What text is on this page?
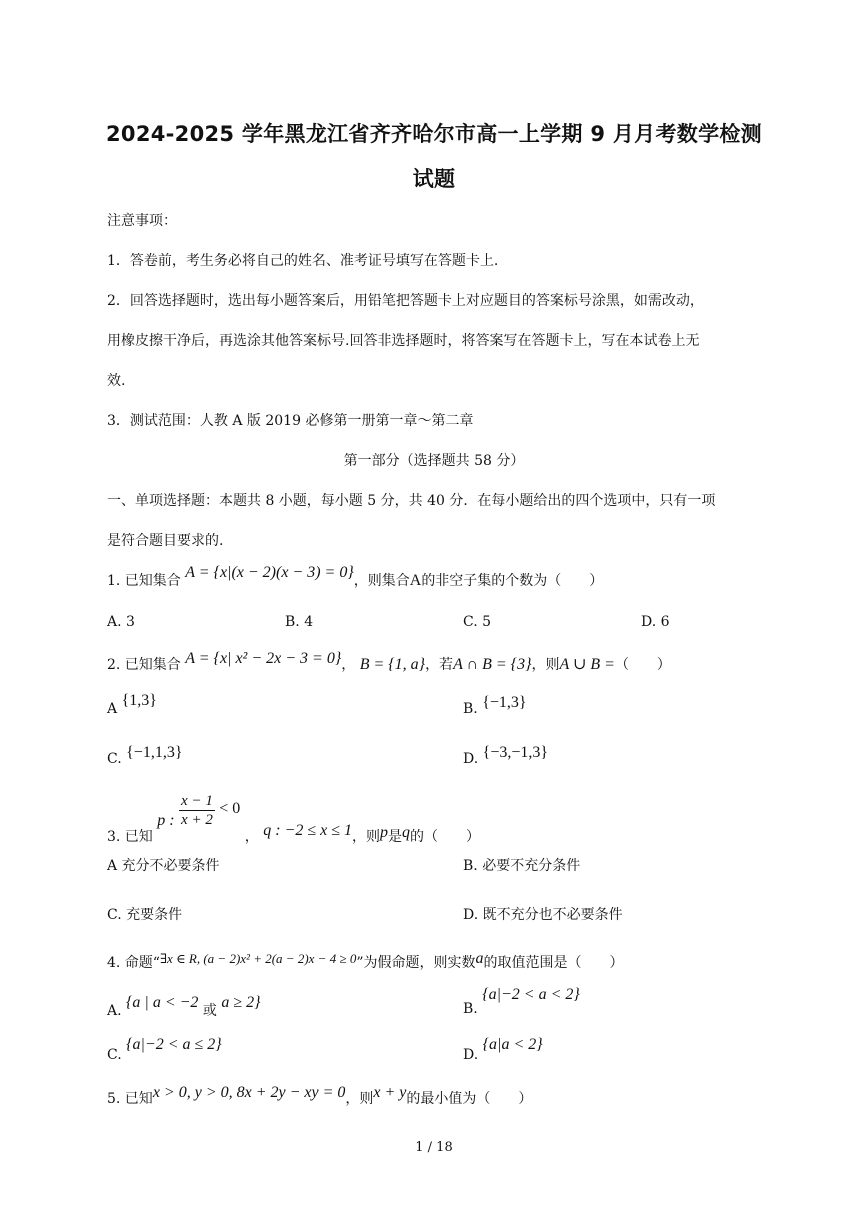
2024-2025 学年黑龙江省齐齐哈尔市高一上学期 9 月月考数学检测
试题
注意事项：
1．答卷前，考生务必将自己的姓名、准考证号填写在答题卡上.
2．回答选择题时，选出每小题答案后，用铅笔把答题卡上对应题目的答案标号涂黑，如需改动，
用橡皮擦干净后，再选涂其他答案标号.回答非选择题时，将答案写在答题卡上，写在本试卷上无
效.
3．测试范围：人教 A 版 2019 必修第一册第一章～第二章
第一部分（选择题共 58 分）
一、单项选择题：本题共 8 小题，每小题 5 分，共 40 分．在每小题给出的四个选项中，只有一项
是符合题目要求的.
1. 已知集合 A = {x|(x − 2)(x − 3) = 0}，则集合A的非空子集的个数为（　　）
A. 3	B. 4	C. 5	D. 6
2. 已知集合 A = {x| x² − 2x − 3 = 0}， B = {1, a}，若A ∩ B = {3}，则A ∪ B =（　　）
A {1,3}	B. {−1,3}
C. {−1,1,3}	D. {−3,−1,3}
3. 已知 p : $\frac{x - 1}{x + 2} < 0$ ， q : −2 ≤ x ≤ 1，则p是q的（　　）
A 充分不必要条件	B. 必要不充分条件
C. 充要条件	D. 既不充分也不必要条件
4. 命题“∃x ∈ R, (a − 2)x² + 2(a − 2)x − 4 ≥ 0”为假命题，则实数a的取值范围是（　　）
A. {a | a < −2 或 a ≥ 2}	B. {a|−2 < a < 2}
C. {a|−2 < a ≤ 2}
D. {a|a < 2}
5. 已知x > 0, y > 0, 8x + 2y − xy = 0，则x + y的最小值为（　　）
1 / 18
